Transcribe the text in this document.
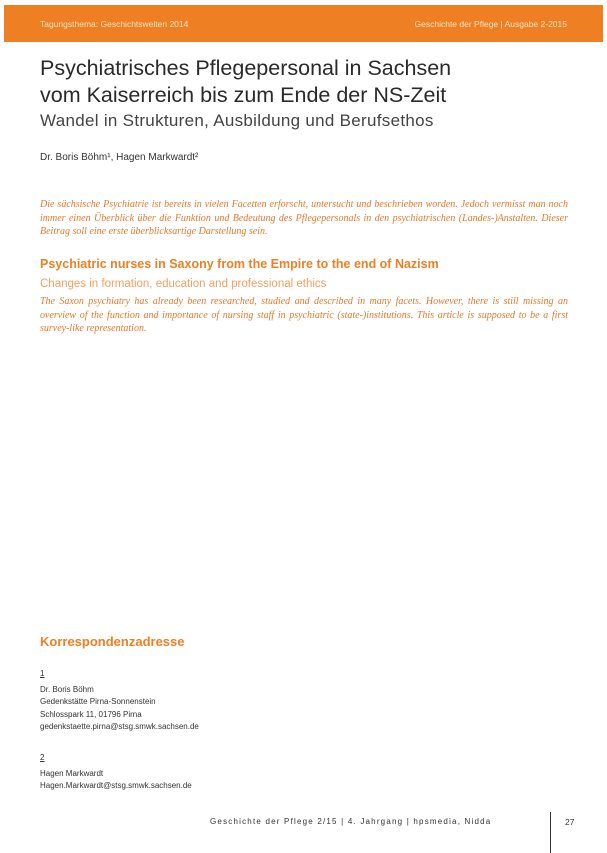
Tagungsthema: Geschichtswelten 2014	Geschichte der Pflege | Ausgabe 2-2015
Psychiatrisches Pflegepersonal in Sachsen
vom Kaiserreich bis zum Ende der NS-Zeit
Wandel in Strukturen, Ausbildung und Berufsethos
Dr. Boris Böhm¹, Hagen Markwardt²

Die sächsische Psychiatrie ist bereits in vielen Facetten erforscht, untersucht und beschrieben worden. Jedoch vermisst man noch immer einen Überblick über die Funktion und Bedeutung des Pflegepersonals in den psychiatrischen (Landes-)Anstalten. Dieser Beitrag soll eine erste überblicksartige Darstellung sein.

Psychiatric nurses in Saxony from the Empire to the end of Nazism
Changes in formation, education and professional ethics

The Saxon psychiatry has already been researched, studied and described in many facets. However, there is still missing an overview of the function and importance of nursing staff in psychiatric (state-)institutions. This article is supposed to be a first survey-like representation.

Korrespondenzadresse
1
Dr. Boris Böhm
Gedenkstätte Pirna-Sonnenstein
Schlosspark 11, 01796 Pirna
gedenkstaette.pirna@stsg.smwk.sachsen.de
2
Hagen Markwardt
Hagen.Markwardt@stsg.smwk.sachsen.de
Geschichte der Pflege 2/15 | 4. Jahrgang | hpsmedia, Nidda	27
